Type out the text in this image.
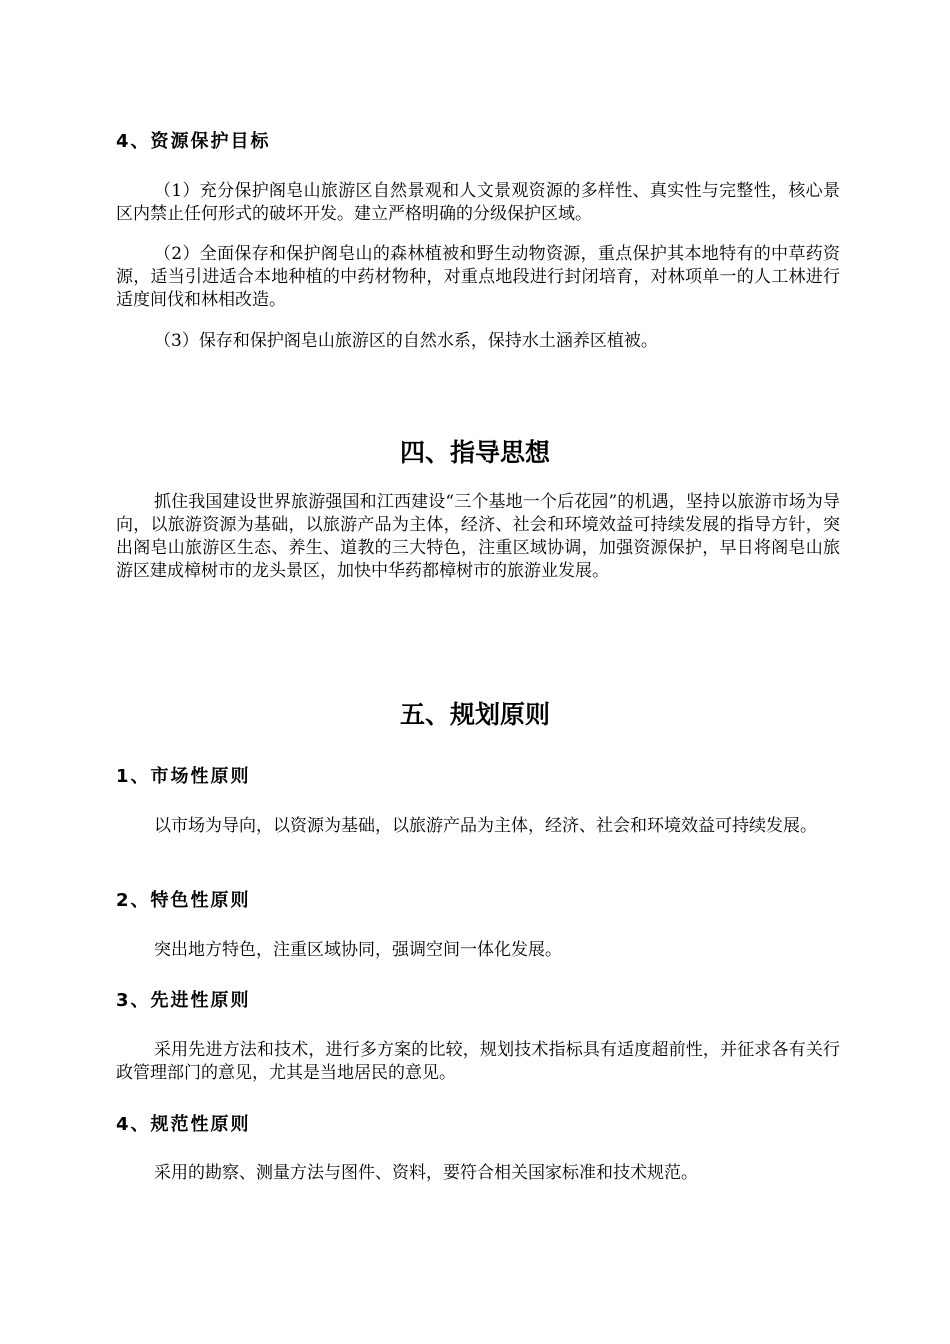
4、资源保护目标

（1）充分保护阁皂山旅游区自然景观和人文景观资源的多样性、真实性与完整性，核心景区内禁止任何形式的破坏开发。建立严格明确的分级保护区域。

（2）全面保存和保护阁皂山的森林植被和野生动物资源，重点保护其本地特有的中草药资源，适当引进适合本地种植的中药材物种，对重点地段进行封闭培育，对林项单一的人工林进行适度间伐和林相改造。

（3）保存和保护阁皂山旅游区的自然水系，保持水土涵养区植被。

四、指导思想

抓住我国建设世界旅游强国和江西建设“三个基地一个后花园”的机遇，坚持以旅游市场为导向，以旅游资源为基础，以旅游产品为主体，经济、社会和环境效益可持续发展的指导方针，突出阁皂山旅游区生态、养生、道教的三大特色，注重区域协调，加强资源保护，早日将阁皂山旅游区建成樟树市的龙头景区，加快中华药都樟树市的旅游业发展。

五、规划原则
1、市场性原则

以市场为导向，以资源为基础，以旅游产品为主体，经济、社会和环境效益可持续发展。

2、特色性原则

突出地方特色，注重区域协同，强调空间一体化发展。

3、先进性原则

采用先进方法和技术，进行多方案的比较，规划技术指标具有适度超前性，并征求各有关行政管理部门的意见，尤其是当地居民的意见。

4、规范性原则

采用的勘察、测量方法与图件、资料，要符合相关国家标准和技术规范。
